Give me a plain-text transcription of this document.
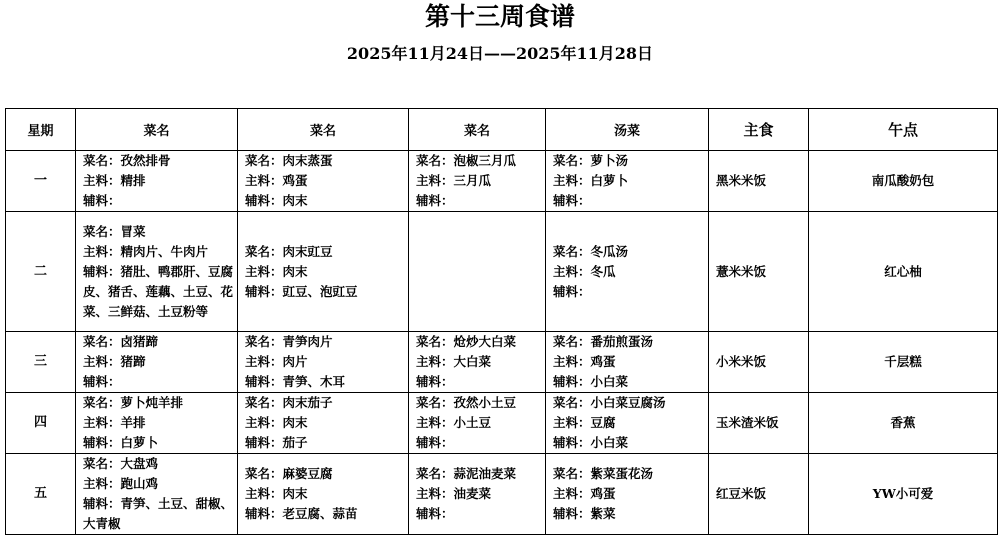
第十三周食谱
2025年11月24日——2025年11月28日
星期	菜名	菜名	菜名	汤菜	主食	午点
一	菜名：孜然排骨
主料：精排
辅料：	菜名：肉末蒸蛋
主料：鸡蛋
辅料：肉末	菜名：泡椒三月瓜
主料：三月瓜
辅料：	菜名：萝卜汤
主料：白萝卜
辅料：	黑米米饭	南瓜酸奶包
二	菜名：冒菜
主料：精肉片、牛肉片
辅料：猪肚、鸭郡肝、豆腐皮、猪舌、莲藕、土豆、花菜、三鲜菇、土豆粉等	菜名：肉末豇豆
主料：肉末
辅料：豇豆、泡豇豆		菜名：冬瓜汤
主料：冬瓜
辅料：	薏米米饭	红心柚
三	菜名：卤猪蹄
主料：猪蹄
辅料：	菜名：青笋肉片
主料：肉片
辅料：青笋、木耳	菜名：炝炒大白菜
主料：大白菜
辅料：	菜名：番茄煎蛋汤
主料：鸡蛋
辅料：小白菜	小米米饭	千层糕
四	菜名：萝卜炖羊排
主料：羊排
辅料：白萝卜	菜名：肉末茄子
主料：肉末
辅料：茄子	菜名：孜然小土豆
主料：小土豆
辅料：	菜名：小白菜豆腐汤
主料：豆腐
辅料：小白菜	玉米渣米饭	香蕉
五	菜名：大盘鸡
主料：跑山鸡
辅料：青笋、土豆、甜椒、大青椒	菜名：麻婆豆腐
主料：肉末
辅料：老豆腐、蒜苗	菜名：蒜泥油麦菜
主料：油麦菜
辅料：	菜名：紫菜蛋花汤
主料：鸡蛋
辅料：紫菜	红豆米饭	YW小可爱
